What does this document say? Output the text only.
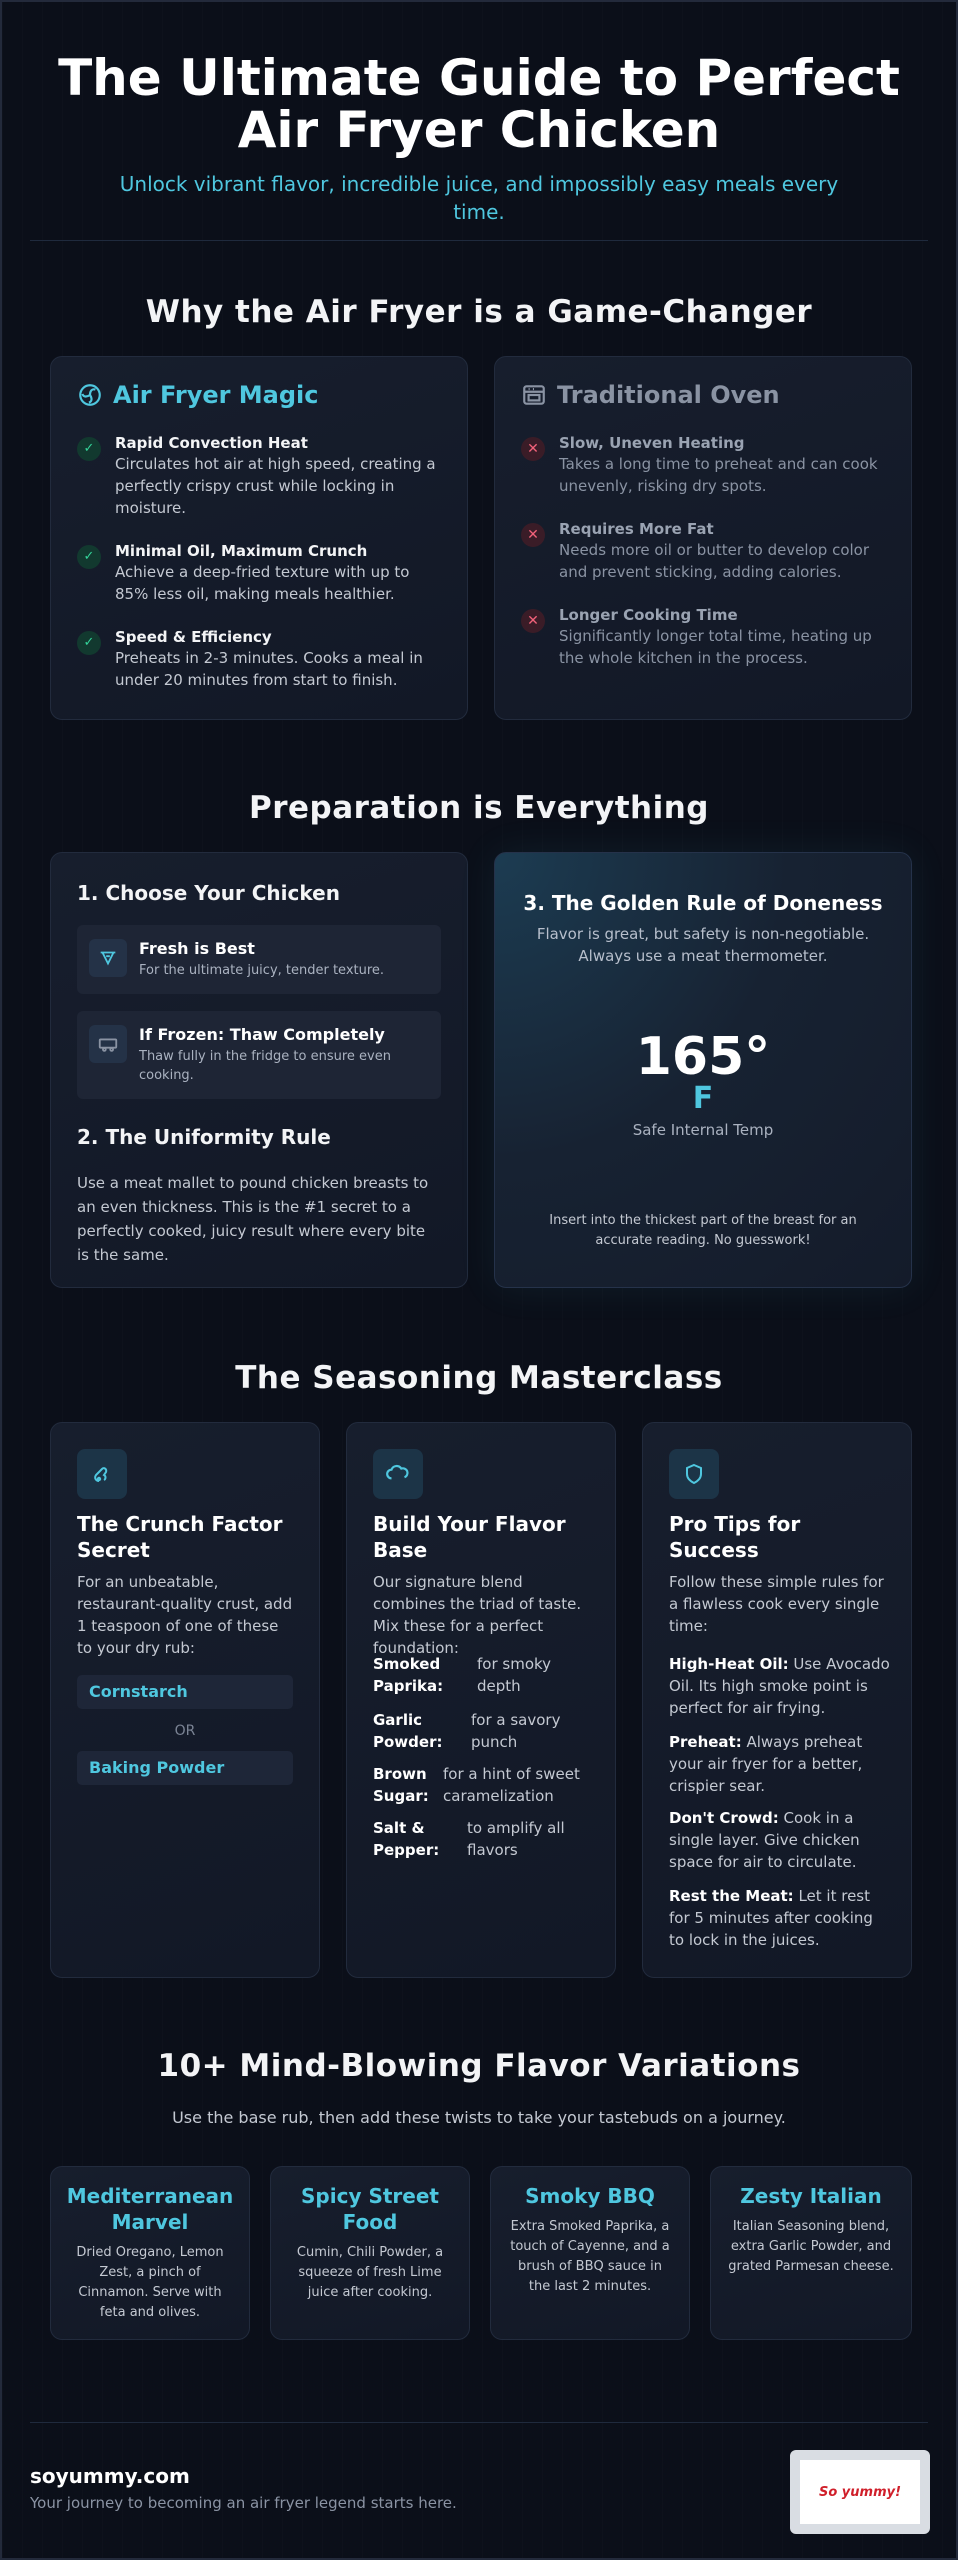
The Ultimate Guide to Perfect
Air Fryer Chicken

Unlock vibrant flavor, incredible juice, and impossibly easy meals every time.

Why the Air Fryer is a Game-Changer
Air Fryer Magic
✓	Rapid Convection Heat

Circulates hot air at high speed, creating a perfectly crispy crust while locking in moisture.

✓	Minimal Oil, Maximum Crunch

Achieve a deep-fried texture with up to 85% less oil, making meals healthier.

✓	Speed & Efficiency

Preheats in 2-3 minutes. Cooks a meal in under 20 minutes from start to finish.

Traditional Oven
✕	Slow, Uneven Heating

Takes a long time to preheat and can cook unevenly, risking dry spots.

✕	Requires More Fat

Needs more oil or butter to develop color and prevent sticking, adding calories.

✕	Longer Cooking Time

Significantly longer total time, heating up the whole kitchen in the process.

Preparation is Everything
1. Choose Your Chicken
Fresh is Best

For the ultimate juicy, tender texture.

If Frozen: Thaw Completely

Thaw fully in the fridge to ensure even cooking.

2. The Uniformity Rule

Use a meat mallet to pound chicken breasts to an even thickness. This is the #1 secret to a perfectly cooked, juicy result where every bite is the same.

3. The Golden Rule of Doneness

Flavor is great, but safety is non-negotiable. Always use a meat thermometer.

165°
F
Safe Internal Temp

Insert into the thickest part of the breast for an accurate reading. No guesswork!

The Seasoning Masterclass
The Crunch Factor Secret

For an unbeatable, restaurant-quality crust, add 1 teaspoon of one of these to your dry rub:

Cornstarch
OR
Baking Powder
Build Your Flavor Base

Our signature blend combines the triad of taste. Mix these for a perfect foundation:

Smoked Paprika:
for smoky depth
Garlic Powder:
for a savory punch
Brown Sugar:
for a hint of sweet caramelization
Salt & Pepper:
to amplify all flavors
Pro Tips for Success

Follow these simple rules for a flawless cook every single time:

High-Heat Oil: Use Avocado Oil. Its high smoke point is perfect for air frying.

Preheat: Always preheat your air fryer for a better, crispier sear.

Don't Crowd: Cook in a single layer. Give chicken space for air to circulate.

Rest the Meat: Let it rest for 5 minutes after cooking to lock in the juices.

10+ Mind-Blowing Flavor Variations

Use the base rub, then add these twists to take your tastebuds on a journey.

Mediterranean Marvel

Dried Oregano, Lemon Zest, a pinch of Cinnamon. Serve with feta and olives.

Spicy Street Food

Cumin, Chili Powder, a squeeze of fresh Lime juice after cooking.

Smoky BBQ

Extra Smoked Paprika, a touch of Cayenne, and a brush of BBQ sauce in the last 2 minutes.

Zesty Italian

Italian Seasoning blend, extra Garlic Powder, and grated Parmesan cheese.

soyummy.com
Your journey to becoming an air fryer legend starts here.
So yummy!
